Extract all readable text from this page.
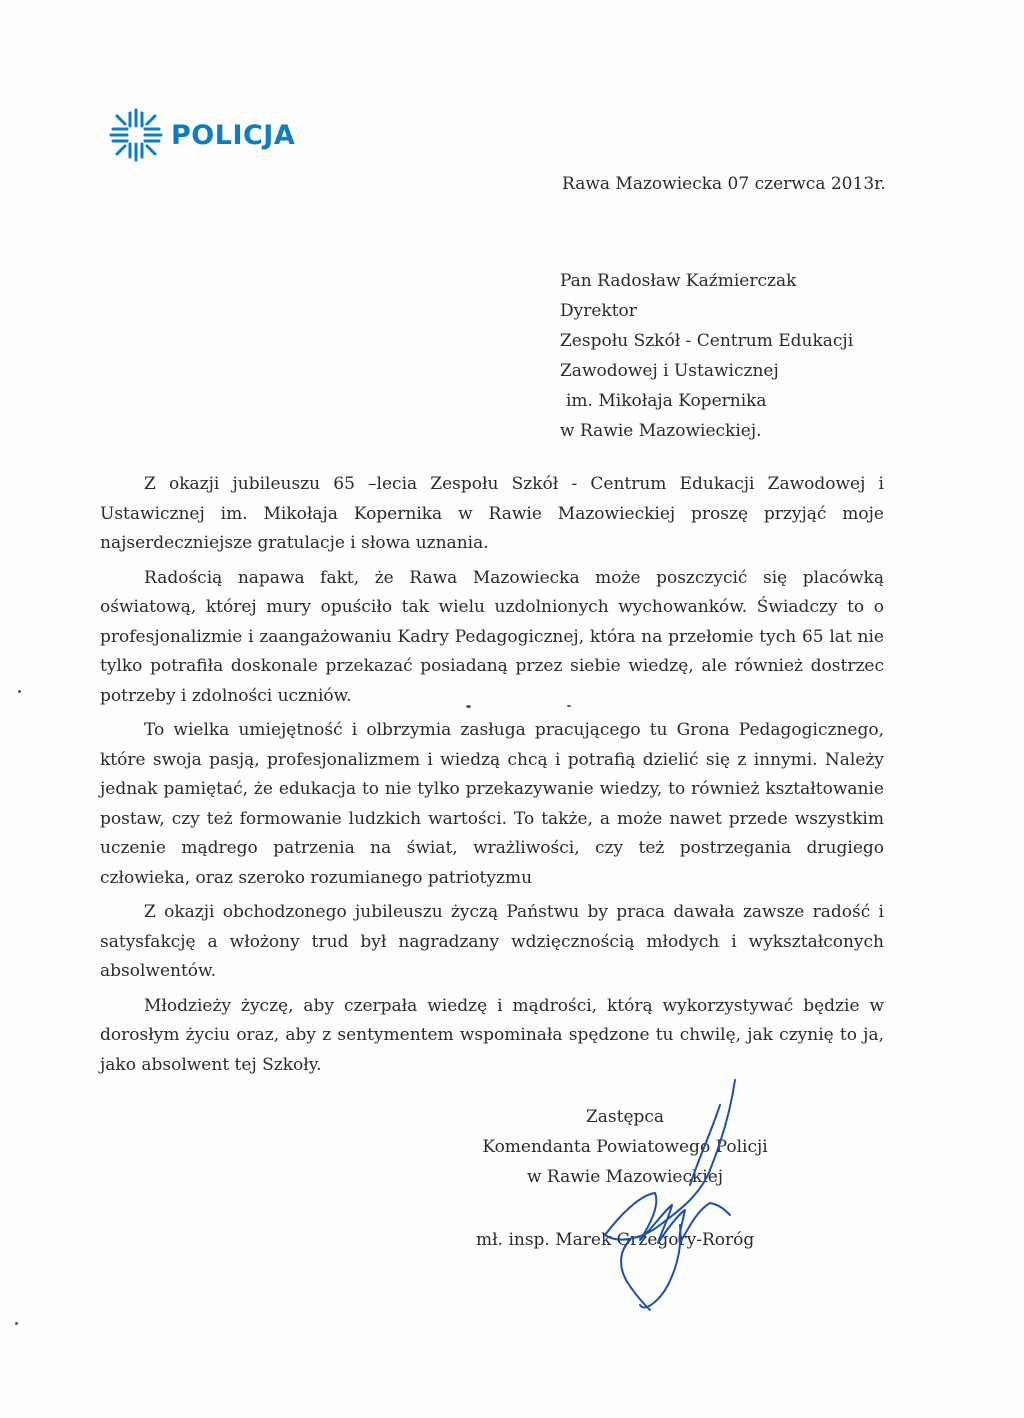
POLICJA
Rawa Mazowiecka 07 czerwca 2013r.
Pan Radosław Kaźmierczak
Dyrektor
Zespołu Szkół - Centrum Edukacji
Zawodowej i Ustawicznej
im. Mikołaja Kopernika
w Rawie Mazowieckiej.

Z okazji jubileuszu 65 –lecia Zespołu Szkół - Centrum Edukacji Zawodowej i Ustawicznej im. Mikołaja Kopernika w Rawie Mazowieckiej proszę przyjąć moje najserdeczniejsze gratulacje i słowa uznania.

Radością napawa fakt, że Rawa Mazowiecka może poszczycić się placówką oświatową, której mury opuściło tak wielu uzdolnionych wychowanków. Świadczy to o profesjonalizmie i zaangażowaniu Kadry Pedagogicznej, która na przełomie tych 65 lat nie tylko potrafiła doskonale przekazać posiadaną przez siebie wiedzę, ale również dostrzec potrzeby i zdolności uczniów.

To wielka umiejętność i olbrzymia zasługa pracującego tu Grona Pedagogicznego, które swoja pasją, profesjonalizmem i wiedzą chcą i potrafią dzielić się z innymi. Należy jednak pamiętać, że edukacja to nie tylko przekazywanie wiedzy, to również kształtowanie postaw, czy też formowanie ludzkich wartości. To także, a może nawet przede wszystkim uczenie mądrego patrzenia na świat, wrażliwości, czy też postrzegania drugiego człowieka, oraz szeroko rozumianego patriotyzmu

Z okazji obchodzonego jubileuszu życzą Państwu by praca dawała zawsze radość i satysfakcję a włożony trud był nagradzany wdzięcznością młodych i wykształconych absolwentów.

Młodzieży życzę, aby czerpała wiedzę i mądrości, którą wykorzystywać będzie w dorosłym życiu oraz, aby z sentymentem wspominała spędzone tu chwilę, jak czynię to ja, jako absolwent tej Szkoły.

Zastępca
Komendanta Powiatowego Policji
w Rawie Mazowieckiej
mł. insp. Marek Grzegory-Roróg
